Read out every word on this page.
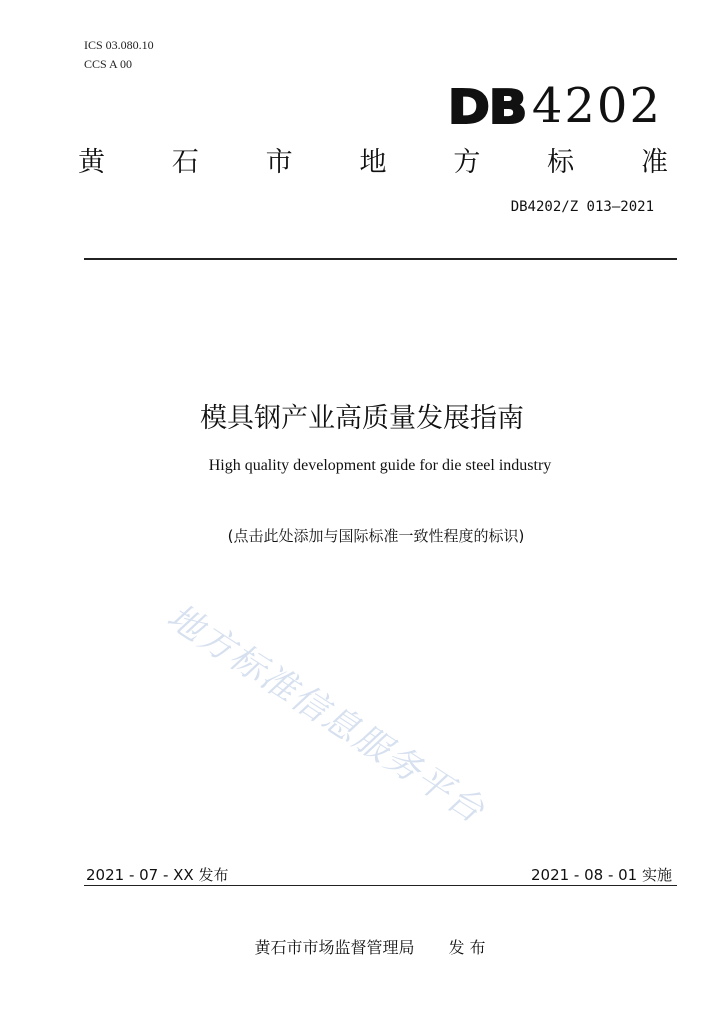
ICS 03.080.10
CCS A 00
DB 4202
黄 石 市 地 方 标 准
DB4202/Z 013—2021
模具钢产业高质量发展指南
High quality development guide for die steel industry
(点击此处添加与国际标准一致性程度的标识)
地方标准信息服务平台
2021 - 07 - XX 发布	2021 - 08 - 01 实施
黄石市市场监督管理局 发 布
